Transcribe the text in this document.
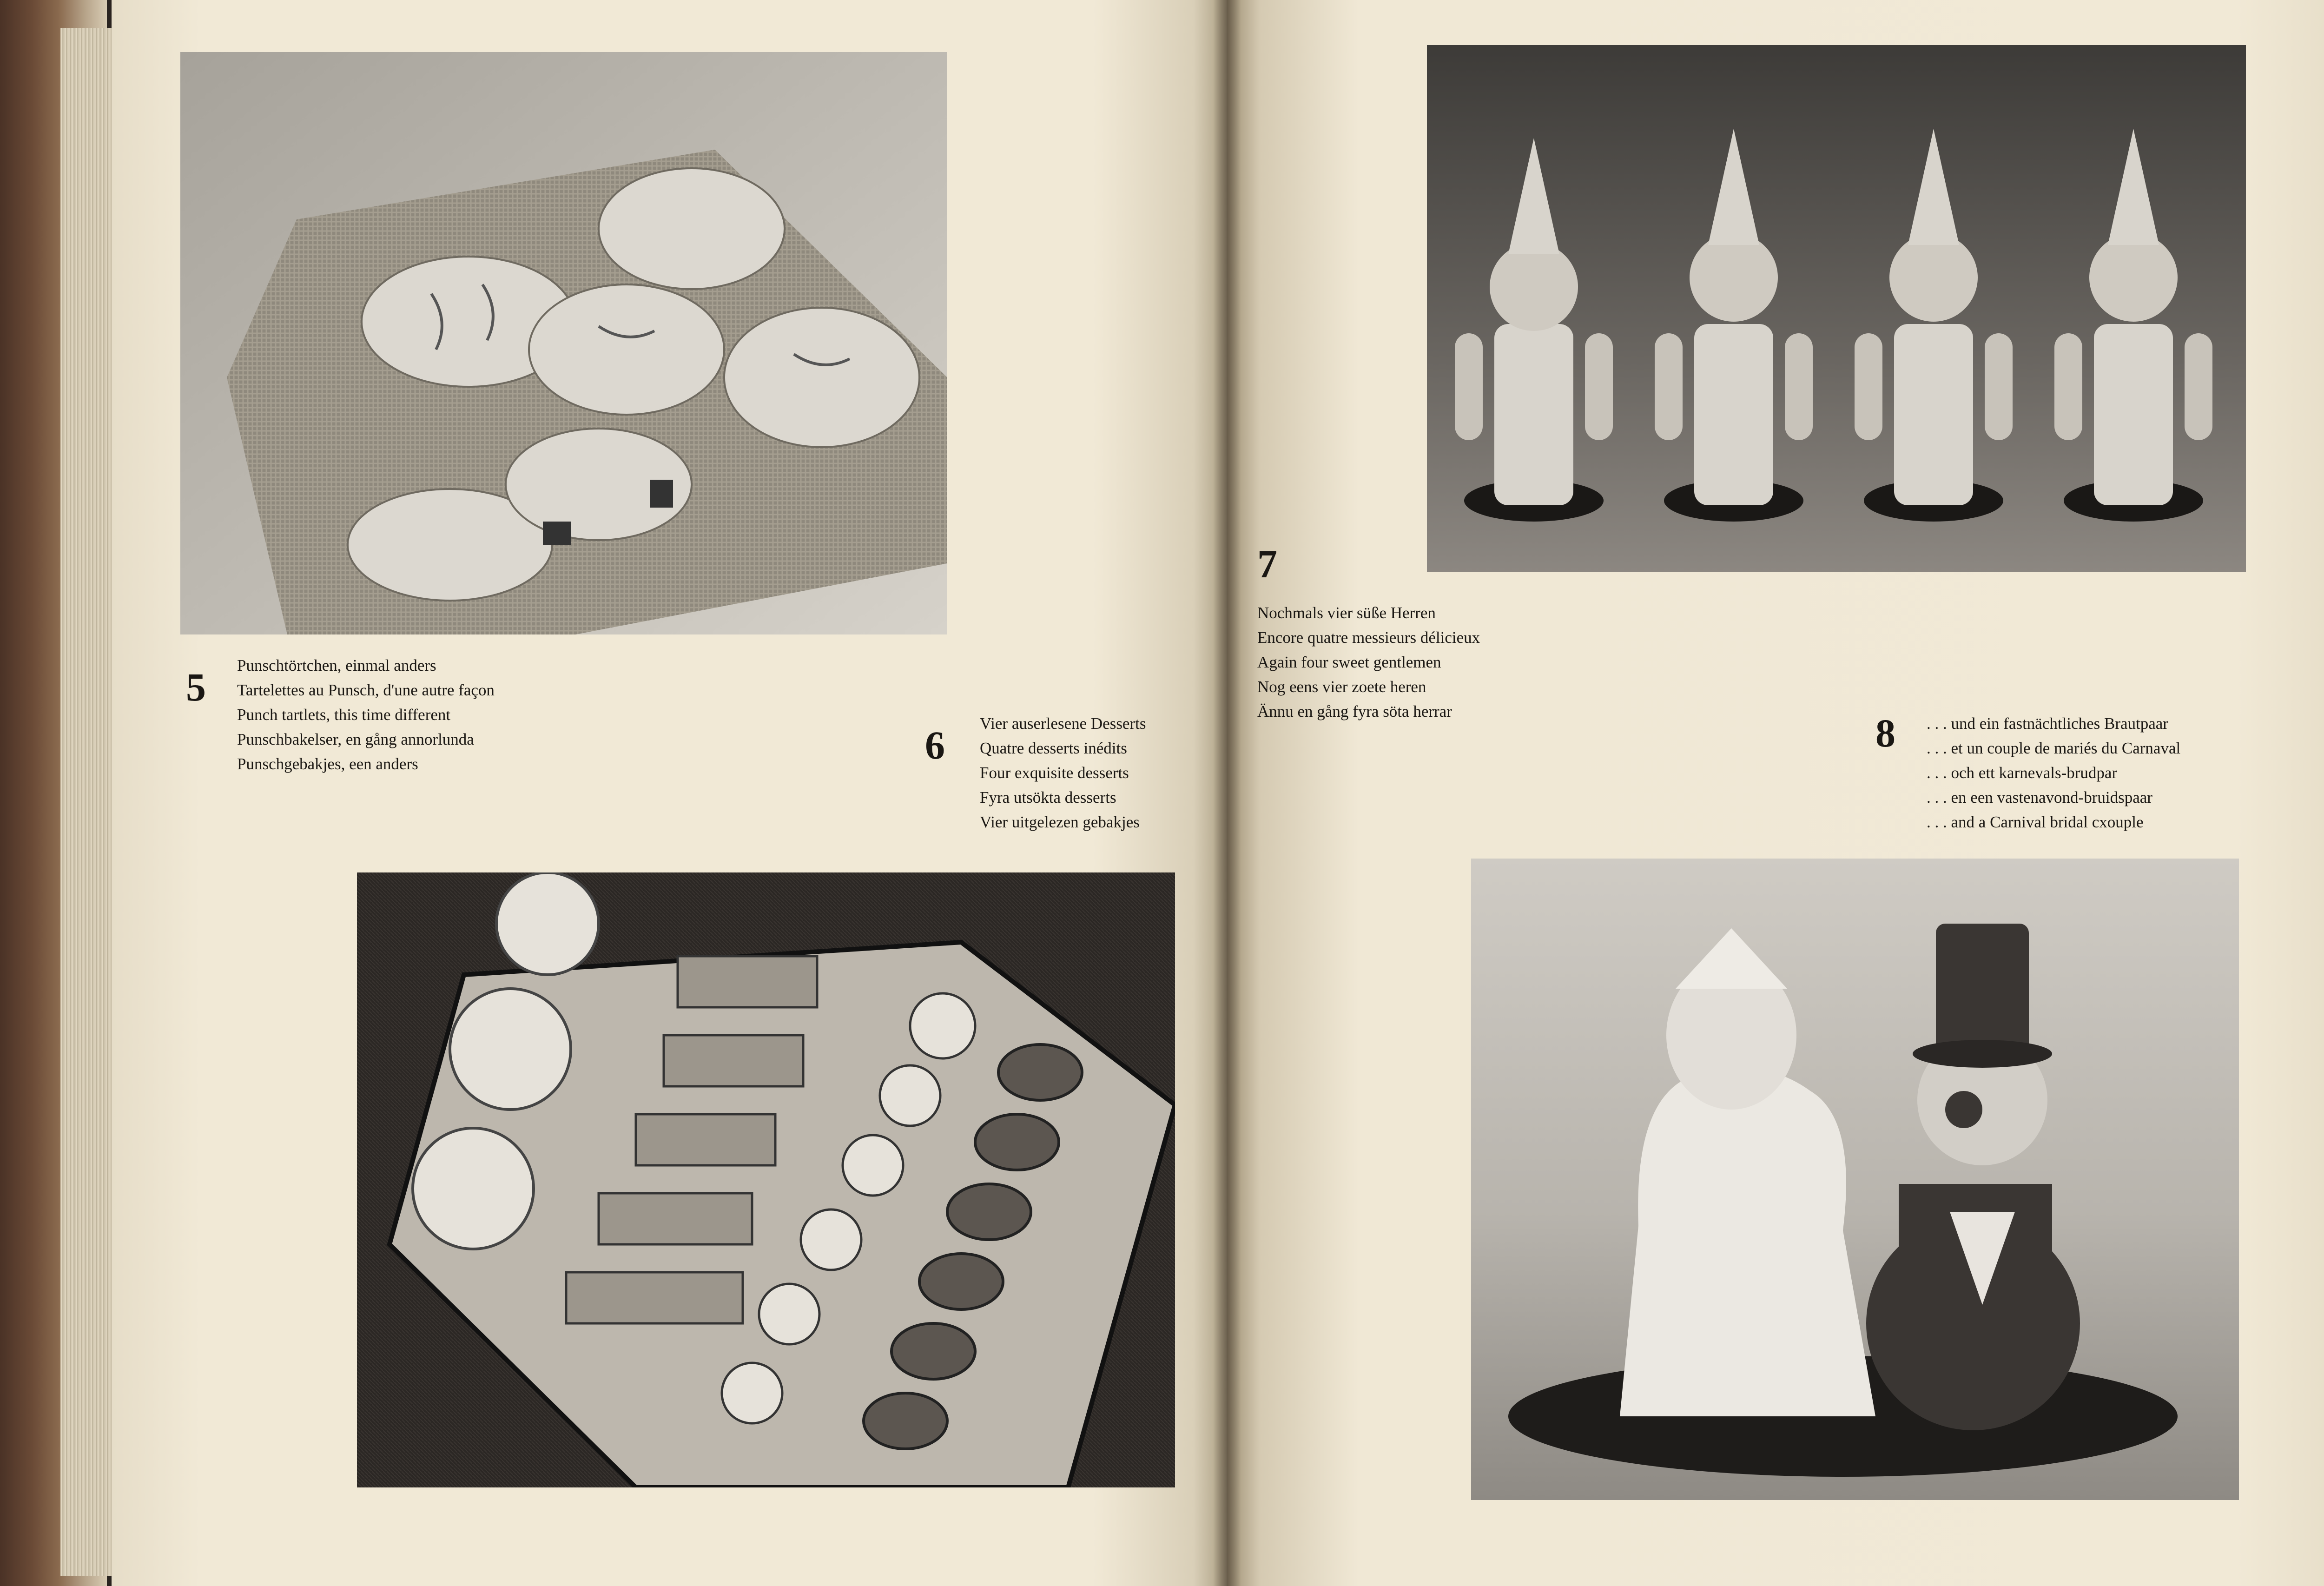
5 Punschtörtchen, einmal anders
Tartelettes au Punsch, d'une autre façon
Punch tartlets, this time different
Punschbakelser, en gång annorlunda
Punschgebakjes, een anders	6 Vier auserlesene Desserts
Quatre desserts inédits
Four exquisite desserts
Fyra utsökta desserts
Vier uitgelezen gebakjes
7
Nochmals vier süße Herren
Encore quatre messieurs délicieux
Again four sweet gentlemen
Nog eens vier zoete heren
Ännu en gång fyra söta herrar	8 . . . und ein fastnächtliches Brautpaar
. . . et un couple de mariés du Carnaval
. . . och ett karnevals-brudpar
. . . en een vastenavond-bruidspaar
. . . and a Carnival bridal cxouple
